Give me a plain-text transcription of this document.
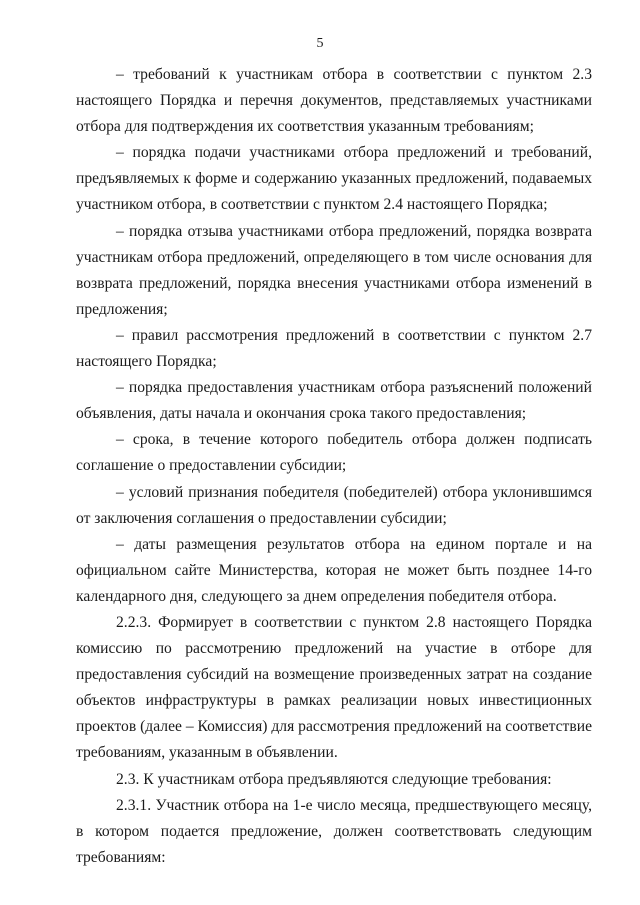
5

– требований к участникам отбора в соответствии с пунктом 2.3 настоящего Порядка и перечня документов, представляемых участниками отбора для подтверждения их соответствия указанным требованиям;

– порядка подачи участниками отбора предложений и требований, предъявляемых к форме и содержанию указанных предложений, подаваемых участником отбора, в соответствии с пунктом 2.4 настоящего Порядка;

– порядка отзыва участниками отбора предложений, порядка возврата участникам отбора предложений, определяющего в том числе основания для возврата предложений, порядка внесения участниками отбора изменений в предложения;

– правил рассмотрения предложений в соответствии с пунктом 2.7 настоящего Порядка;

– порядка предоставления участникам отбора разъяснений положений объявления, даты начала и окончания срока такого предоставления;

– срока, в течение которого победитель отбора должен подписать соглашение о предоставлении субсидии;

– условий признания победителя (победителей) отбора уклонившимся от заключения соглашения о предоставлении субсидии;

– даты размещения результатов отбора на едином портале и на официальном сайте Министерства, которая не может быть позднее 14-го календарного дня, следующего за днем определения победителя отбора.

2.2.3. Формирует в соответствии с пунктом 2.8 настоящего Порядка комиссию по рассмотрению предложений на участие в отборе для предоставления субсидий на возмещение произведенных затрат на создание объектов инфраструктуры в рамках реализации новых инвестиционных проектов (далее – Комиссия) для рассмотрения предложений на соответствие требованиям, указанным в объявлении.

2.3. К участникам отбора предъявляются следующие требования:

2.3.1. Участник отбора на 1-е число месяца, предшествующего месяцу, в котором подается предложение, должен соответствовать следующим требованиям:
